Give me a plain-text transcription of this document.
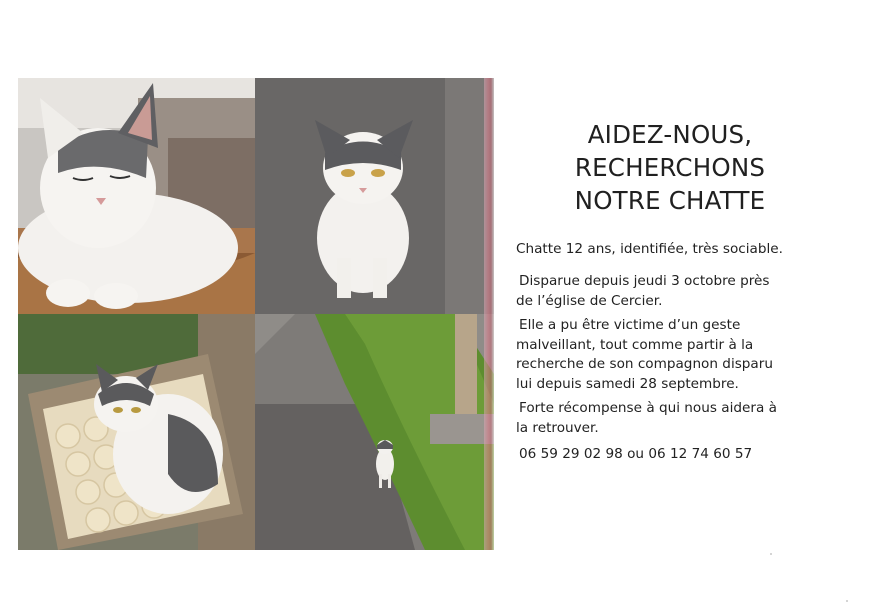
AIDEZ-NOUS,
RECHERCHONS
NOTRE CHATTE
Chatte 12 ans, identifiée, très sociable.
Disparue depuis jeudi 3 octobre près
de l’église de Cercier.
Elle a pu être victime d’un geste
malveillant, tout comme partir à la
recherche de son compagnon disparu
lui depuis samedi 28 septembre.
Forte récompense à qui nous aidera à
la retrouver.
06 59 29 02 98 ou 06 12 74 60 57
